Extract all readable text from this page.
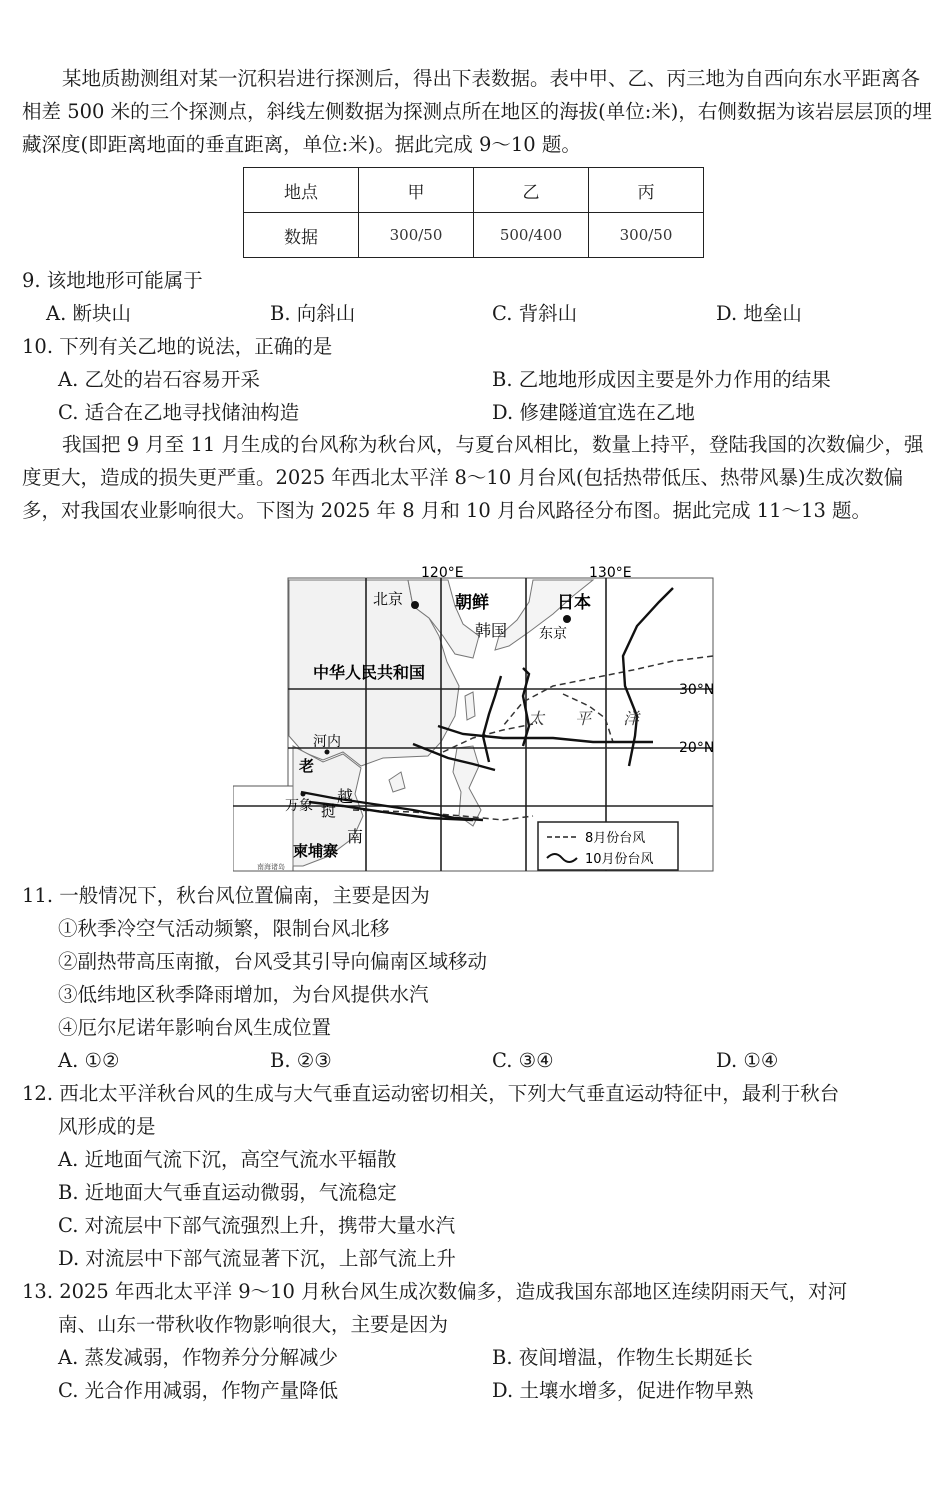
某地质勘测组对某一沉积岩进行探测后，得出下表数据。表中甲、乙、丙三地为自西向东水平距离各相差 500 米的三个探测点，斜线左侧数据为探测点所在地区的海拔(单位:米)，右侧数据为该岩层层顶的埋藏深度(即距离地面的垂直距离，单位:米)。据此完成 9～10 题。
地点	甲	乙	丙
数据	300/50	500/400	300/50
9. 该地地形可能属于
A. 断块山	B. 向斜山	C. 背斜山	D. 地垒山
10. 下列有关乙地的说法，正确的是
A. 乙处的岩石容易开采	B. 乙地地形成因主要是外力作用的结果
C. 适合在乙地寻找储油构造	D. 修建隧道宜选在乙地
我国把 9 月至 11 月生成的台风称为秋台风，与夏台风相比，数量上持平，登陆我国的次数偏少，强度更大，造成的损失更严重。2025 年西北太平洋 8～10 月台风(包括热带低压、热带风暴)生成次数偏多，对我国农业影响很大。下图为 2025 年 8 月和 10 月台风路径分布图。据此完成 11～13 题。
120°E	130°E
30°N
20°N
北京	朝鲜	日本
韩国 东京
中华人民共和国
太 平 洋
河内
老
万象 挝
越
南
柬埔寨
南海诸岛
8月份台风
10月份台风
11. 一般情况下，秋台风位置偏南，主要是因为
①秋季冷空气活动频繁，限制台风北移
②副热带高压南撤，台风受其引导向偏南区域移动
③低纬地区秋季降雨增加，为台风提供水汽
④厄尔尼诺年影响台风生成位置
A. ①②	B. ②③	C. ③④	D. ①④
12. 西北太平洋秋台风的生成与大气垂直运动密切相关，下列大气垂直运动特征中，最利于秋台
风形成的是
A. 近地面气流下沉，高空气流水平辐散
B. 近地面大气垂直运动微弱，气流稳定
C. 对流层中下部气流强烈上升，携带大量水汽
D. 对流层中下部气流显著下沉，上部气流上升
13. 2025 年西北太平洋 9～10 月秋台风生成次数偏多，造成我国东部地区连续阴雨天气，对河
南、山东一带秋收作物影响很大，主要是因为
A. 蒸发减弱，作物养分分解减少	B. 夜间增温，作物生长期延长
C. 光合作用减弱，作物产量降低	D. 土壤水增多，促进作物早熟
